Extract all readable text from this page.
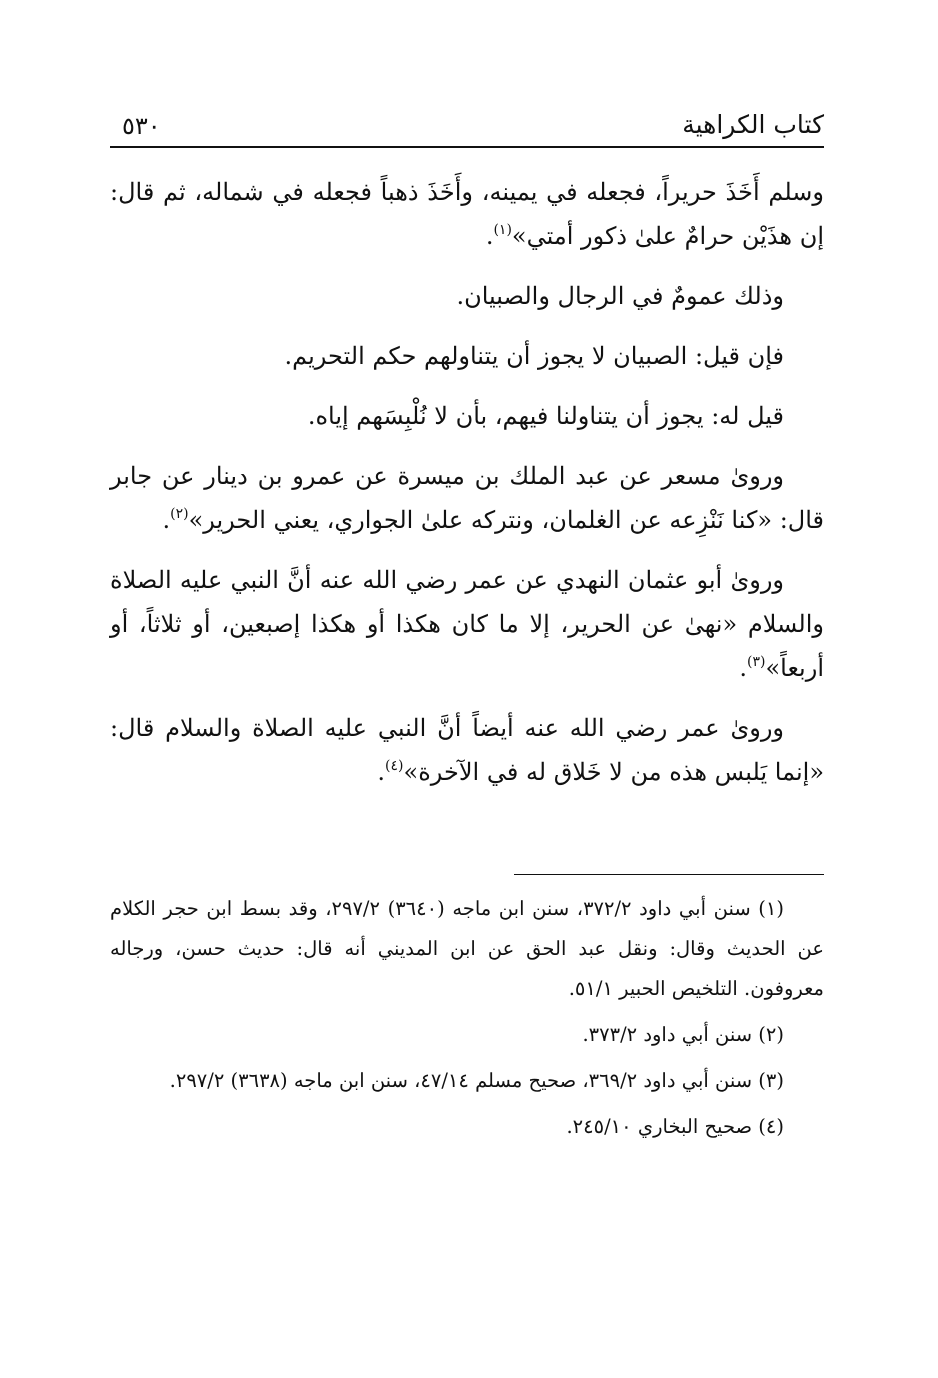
كتاب الكراهية
٥٣٠

وسلم أَخَذَ حريراً، فجعله في يمينه، وأَخَذَ ذهباً فجعله في شماله، ثم قال: إن هذَيْن حرامٌ علىٰ ذكور أمتي»$^{(١)}$.

وذلك عمومٌ في الرجال والصبيان.

فإن قيل: الصبيان لا يجوز أن يتناولهم حكم التحريم.

قيل له: يجوز أن يتناولنا فيهم، بأن لا نُلْبِسَهم إياه.

وروىٰ مسعر عن عبد الملك بن ميسرة عن عمرو بن دينار عن جابر قال: «كنا نَنْزِعه عن الغلمان، ونتركه علىٰ الجواري، يعني الحرير»$^{(٢)}$.

وروىٰ أبو عثمان النهدي عن عمر رضي الله عنه أنَّ النبي عليه الصلاة والسلام «نهىٰ عن الحرير، إلا ما كان هكذا أو هكذا إصبعين، أو ثلاثاً، أو أربعاً»$^{(٣)}$.

وروىٰ عمر رضي الله عنه أيضاً أنَّ النبي عليه الصلاة والسلام قال: «إنما يَلبس هذه من لا خَلاق له في الآخرة»$^{(٤)}$.

(١) سنن أبي داود ٣٧٢/٢، سنن ابن ماجه (٣٦٤٠) ٢٩٧/٢، وقد بسط ابن حجر الكلام عن الحديث وقال: ونقل عبد الحق عن ابن المديني أنه قال: حديث حسن، ورجاله معروفون. التلخيص الحبير ٥١/١.

(٢) سنن أبي داود ٣٧٣/٢.

(٣) سنن أبي داود ٣٦٩/٢، صحيح مسلم ٤٧/١٤، سنن ابن ماجه (٣٦٣٨) ٢٩٧/٢.

(٤) صحيح البخاري ٢٤٥/١٠.
